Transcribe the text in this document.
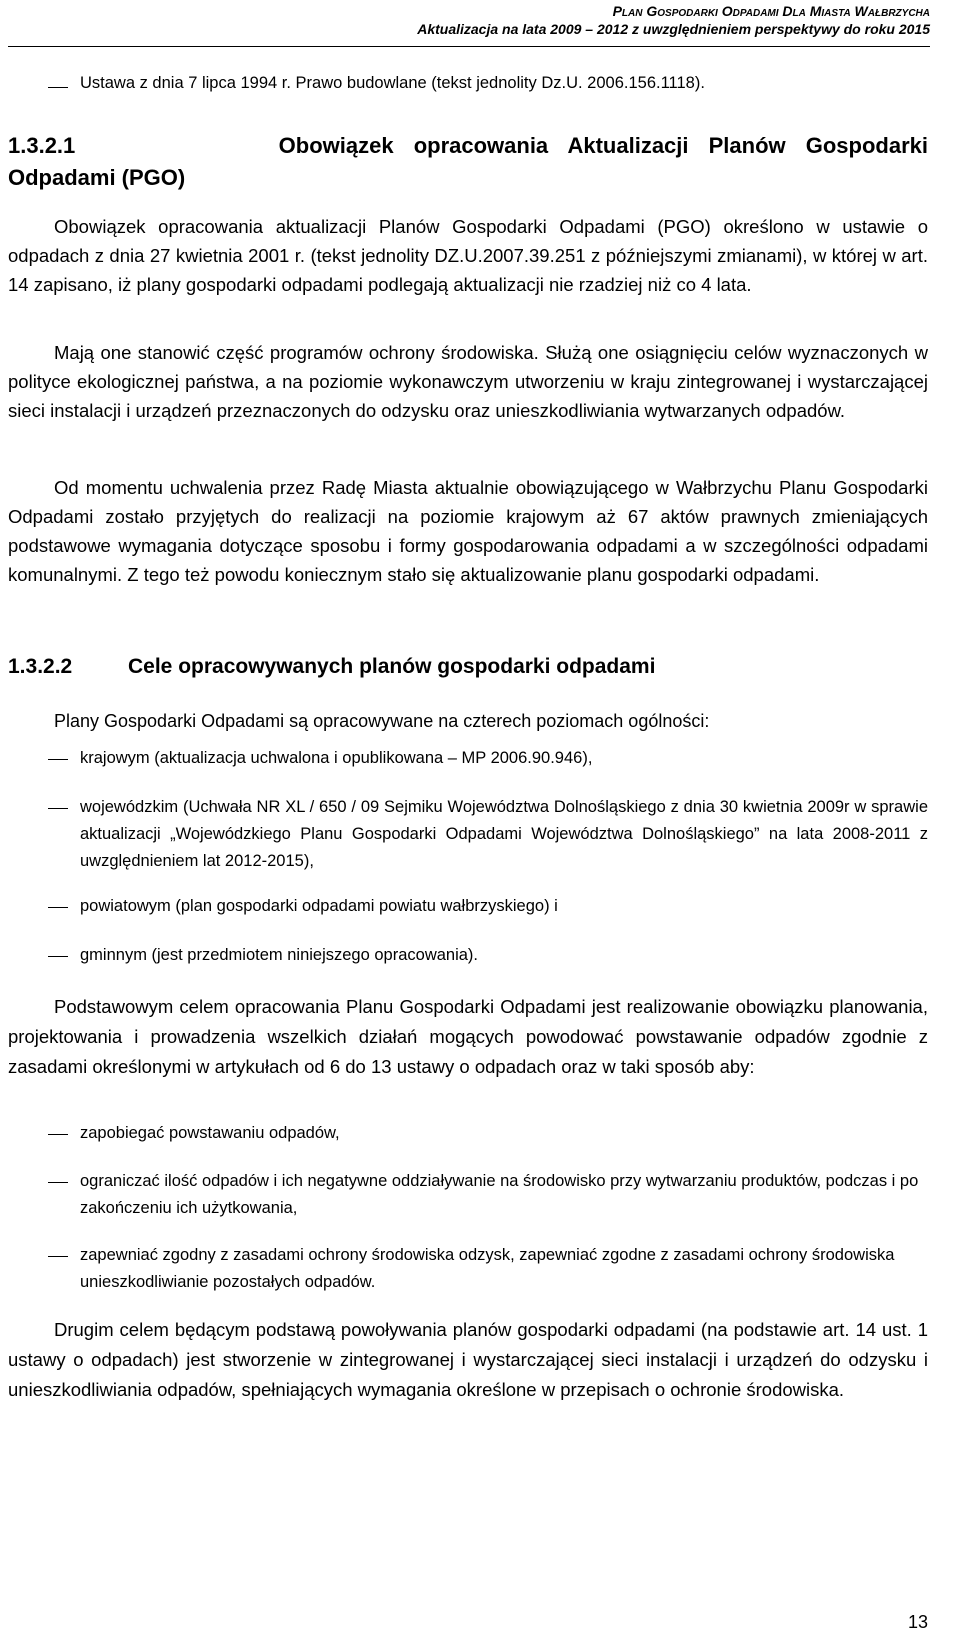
Plan Gospodarki Odpadami Dla Miasta Wałbrzycha
Aktualizacja na lata 2009 – 2012 z uwzględnieniem perspektywy do roku 2015
Ustawa z dnia 7 lipca 1994 r. Prawo budowlane (tekst jednolity Dz.U. 2006.156.1118).
1.3.2.1	Obowiązek opracowania Aktualizacji Planów Gospodarki
Odpadami (PGO)
Obowiązek opracowania aktualizacji Planów Gospodarki Odpadami (PGO) określono w ustawie o odpadach z dnia 27 kwietnia 2001 r. (tekst jednolity DZ.U.2007.39.251 z późniejszymi zmianami), w której w art. 14 zapisano, iż plany gospodarki odpadami podlegają aktualizacji nie rzadziej niż co 4 lata.
Mają one stanowić część programów ochrony środowiska. Służą one osiągnięciu celów wyznaczonych w polityce ekologicznej państwa, a na poziomie wykonawczym utworzeniu w kraju zintegrowanej i wystarczającej sieci instalacji i urządzeń przeznaczonych do odzysku oraz unieszkodliwiania wytwarzanych odpadów.
Od momentu uchwalenia przez Radę Miasta aktualnie obowiązującego w Wałbrzychu Planu Gospodarki Odpadami zostało przyjętych do realizacji na poziomie krajowym aż 67 aktów prawnych zmieniających podstawowe wymagania dotyczące sposobu i formy gospodarowania odpadami a w szczególności odpadami komunalnymi. Z tego też powodu koniecznym stało się aktualizowanie planu gospodarki odpadami.
1.3.2.2	Cele opracowywanych planów gospodarki odpadami
Plany Gospodarki Odpadami są opracowywane na czterech poziomach ogólności:
krajowym (aktualizacja uchwalona i opublikowana – MP 2006.90.946),
wojewódzkim (Uchwała NR XL / 650 / 09 Sejmiku Województwa Dolnośląskiego z dnia 30 kwietnia 2009r w sprawie aktualizacji „Wojewódzkiego Planu Gospodarki Odpadami Województwa Dolnośląskiego” na lata 2008-2011 z uwzględnieniem lat 2012-2015),
powiatowym (plan gospodarki odpadami powiatu wałbrzyskiego) i
gminnym (jest przedmiotem niniejszego opracowania).
Podstawowym celem opracowania Planu Gospodarki Odpadami jest realizowanie obowiązku planowania, projektowania i prowadzenia wszelkich działań mogących powodować powstawanie odpadów zgodnie z zasadami określonymi w artykułach od 6 do 13 ustawy o odpadach oraz w taki sposób aby:
zapobiegać powstawaniu odpadów,
ograniczać ilość odpadów i ich negatywne oddziaływanie na środowisko przy wytwarzaniu produktów, podczas i po zakończeniu ich użytkowania,
zapewniać zgodny z zasadami ochrony środowiska odzysk, zapewniać zgodne z zasadami ochrony środowiska unieszkodliwianie pozostałych odpadów.
Drugim celem będącym podstawą powoływania planów gospodarki odpadami (na podstawie art. 14 ust. 1 ustawy o odpadach) jest stworzenie w zintegrowanej i wystarczającej sieci instalacji i urządzeń do odzysku i unieszkodliwiania odpadów, spełniających wymagania określone w przepisach o ochronie środowiska.
13
